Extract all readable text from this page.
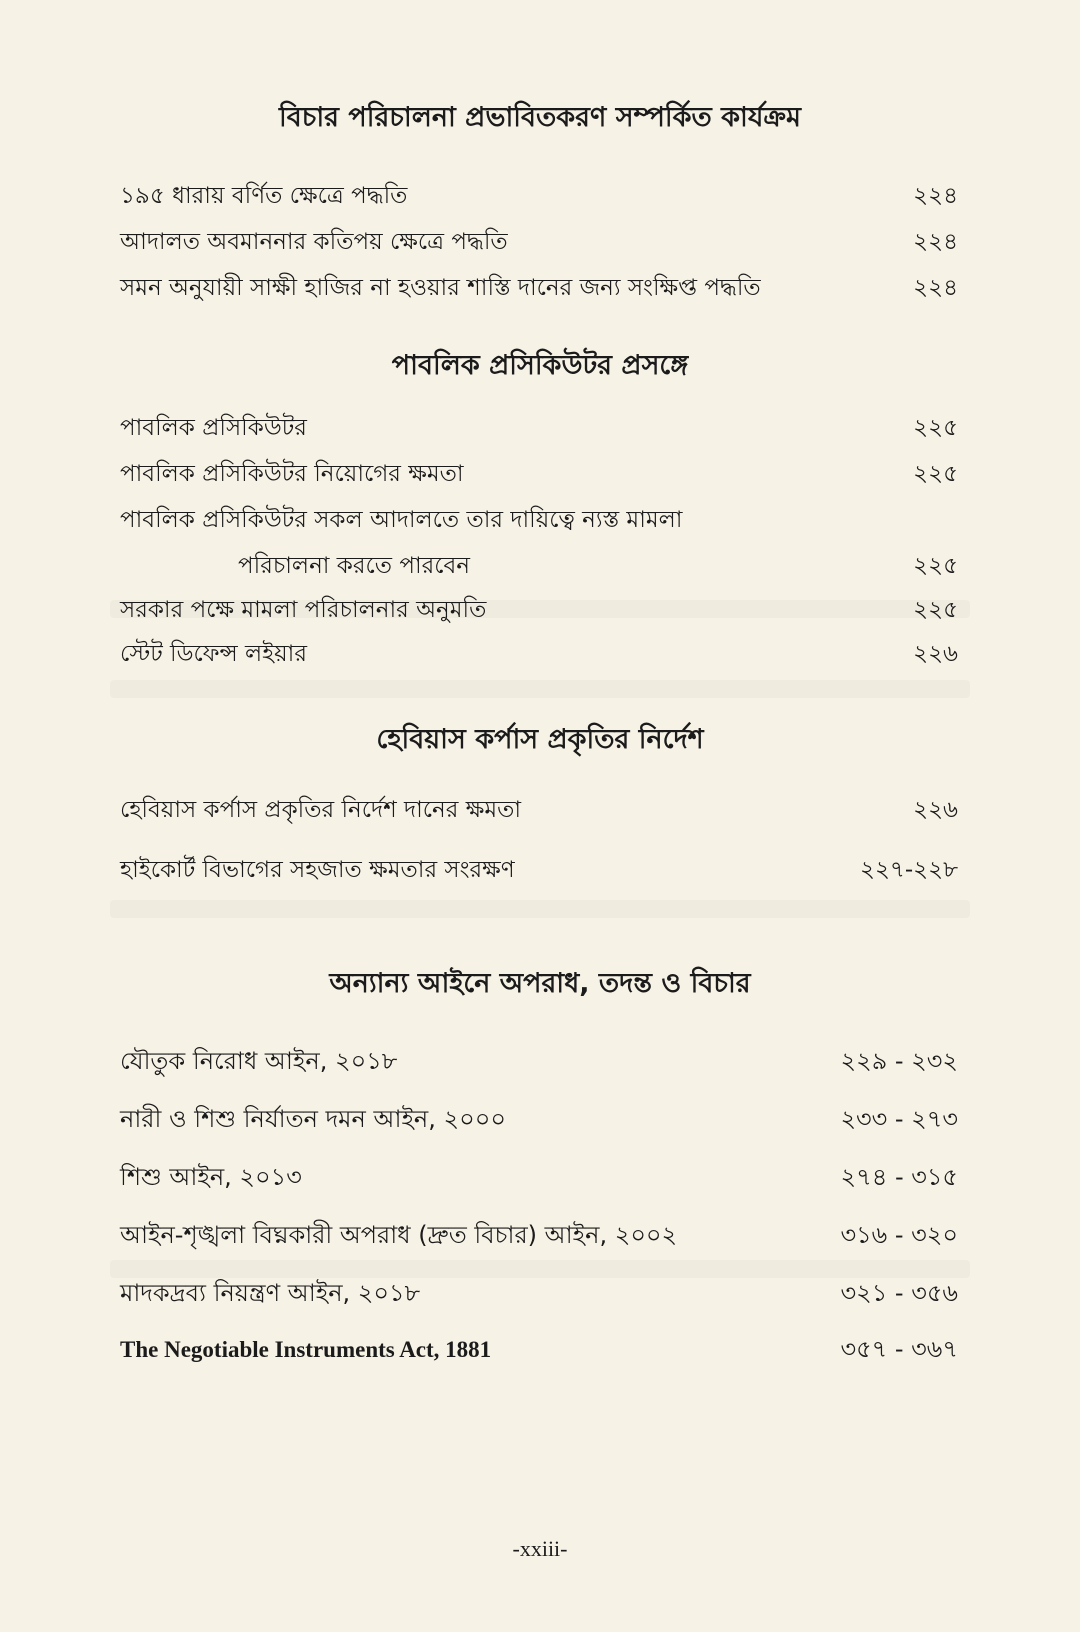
বিচার পরিচালনা প্রভাবিতকরণ সম্পর্কিত কার্যক্রম
১৯৫ ধারায় বর্ণিত ক্ষেত্রে পদ্ধতি	২২৪
আদালত অবমাননার কতিপয় ক্ষেত্রে পদ্ধতি	২২৪
সমন অনুযায়ী সাক্ষী হাজির না হওয়ার শাস্তি দানের জন্য সংক্ষিপ্ত পদ্ধতি	২২৪
পাবলিক প্রসিকিউটর প্রসঙ্গে
পাবলিক প্রসিকিউটর	২২৫
পাবলিক প্রসিকিউটর নিয়োগের ক্ষমতা	২২৫
পাবলিক প্রসিকিউটর সকল আদালতে তার দায়িত্বে ন্যস্ত মামলা
পরিচালনা করতে পারবেন	২২৫
সরকার পক্ষে মামলা পরিচালনার অনুমতি	২২৫
স্টেট ডিফেন্স লইয়ার	২২৬
হেবিয়াস কর্পাস প্রকৃতির নির্দেশ
হেবিয়াস কর্পাস প্রকৃতির নির্দেশ দানের ক্ষমতা	২২৬
হাইকোর্ট বিভাগের সহজাত ক্ষমতার সংরক্ষণ	২২৭-২২৮
অন্যান্য আইনে অপরাধ, তদন্ত ও বিচার
যৌতুক নিরোধ আইন, ২০১৮	২২৯ - ২৩২
নারী ও শিশু নির্যাতন দমন আইন, ২০০০	২৩৩ - ২৭৩
শিশু আইন, ২০১৩	২৭৪ - ৩১৫
আইন-শৃঙ্খলা বিঘ্নকারী অপরাধ (দ্রুত বিচার) আইন, ২০০২	৩১৬ - ৩২০
মাদকদ্রব্য নিয়ন্ত্রণ আইন, ২০১৮	৩২১ - ৩৫৬
The Negotiable Instruments Act, 1881	৩৫৭ - ৩৬৭
-xxiii-
